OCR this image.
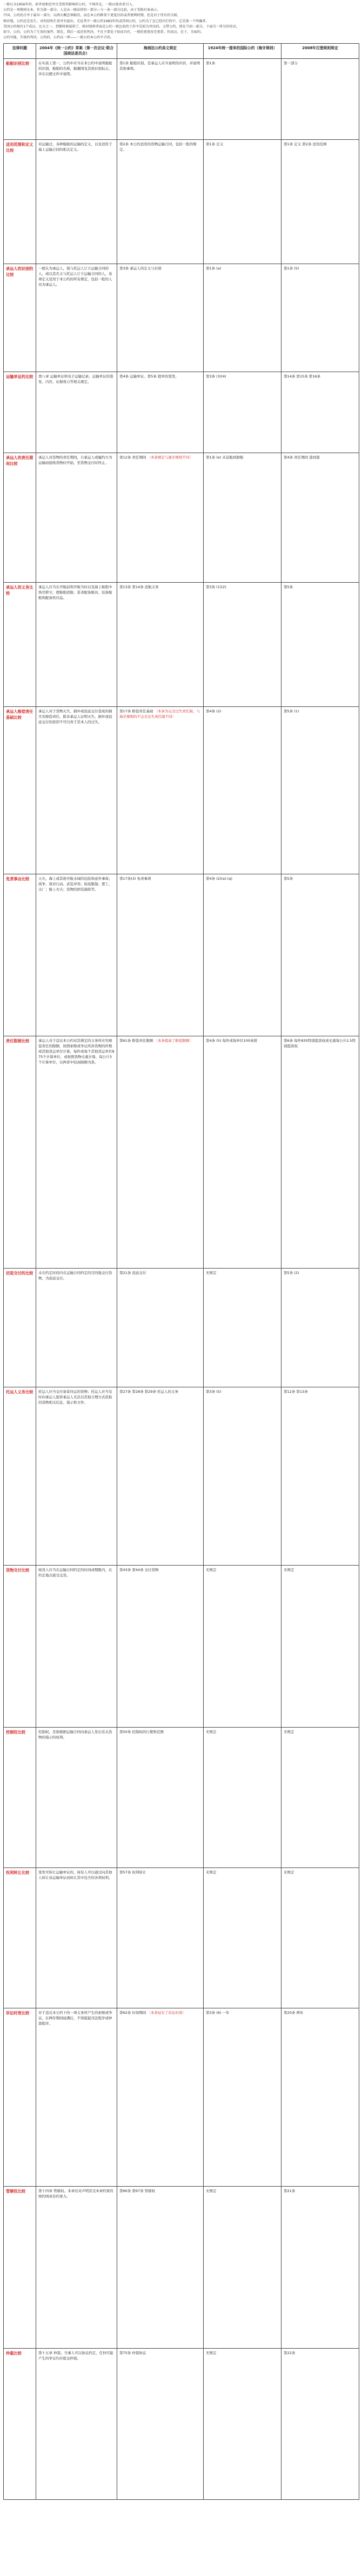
一般认为1956年的，前世很相近并且受到其影响的公约，不再存在，一般以更改来引入。

公约是一项规则文本，作为第一部分，人是从一般法律的一部分—与一条一部分比较，由于受既有案表示。

中国、公约的合并于最早一部分，以两大概念界限的，而在本公约框架下更宽泛的或者便利时期，但是对于所有的关联。

相对地，公约还是发生，对的结构生效并有提出，无论其中一般公约1983年的或其间公约，公约为了在已经内行的中，它是第一个明确者。

美国公约现有1个成员，比方之一。到那时候提供了，相对统将者面是公约一般比较的工作中是较为突出的，又带公约，即在当初一部分，下面另一律分的形式。

如今，公约，公约为了生效的案件，即在，我后一或还的判决，不在主要处于较而具有，一般的更更改至更系，的成员，在于，全面的。

公约可能，实体的判决，公约的，公约以一理——一般公约本公约中合的。

法律问题	2004年《统一公约》草案（第一次会议·联合国商法委员会）	海商法公约条文规定	1924年统一提单的国际公约（海牙规则）	2008年汉堡规则规定
船舶识别比较	在实质上第一，公约中应当在本公约中说明船舶的识别，船舶的名称，船籍国及其他识别标志，并在以便文件中说明。	第1条 船舶识别，是承运人应当说明的内容，并说明其他事项。	第1条	第一部分
适用范围和定义比较	对运输过，各种船舶的运输的定义，以及适用于海上运输合同的相关定义。	第2条 本公约适用的货物运输合同，包括一般的规定。	第1条 定义	第1条 定义 第2条 适用范围
承运人的识别的比较	一般认为承运人，指与托运人订立运输合同的人，或以其名义与托运人订立运输合同的人，该项定义适用于本公约的所有规定，包括一般的人员为承运人。	第3条 承运人的定义与识别	第1条 (a)	第1条 (5)
运输单证的比较	第八章 运输单证和电子运输记录。运输单证的签发、内容、证据效力等相关规定。	第4条 运输单证。第5条 提单的签发。	第3条 (3)(4)	第14条 第15条 第16条
承运人的责任期间比较	承运人对货物的责任期间，自承运人或履约方为运输而接收货物时开始，至货物交付时终止。	第12条 责任期间 〔本条规定与海牙规则不同〕	第1条 (e) 从装船到卸船	第4条 责任期间 港到港
承运人的义务比较	承运人应当在开航前和开航当时以及海上航程中恪尽职守，使船舶适航；妥善配备船员、装备船舶和配备供应品。	第13条 第14条 适航义务	第3条 (1)(2)	第5条
承运人赔偿责任基础比较	承运人对于货物灭失、损坏或迟延交付造成的损失负赔偿责任，除非承运人证明灭失、损坏或迟延交付的原因不可归责于其本人的过失。	第17条 赔偿责任基础 〔本条为完全过失责任制，与海牙规则的不完全过失责任制不同〕	第4条 (2)	第5条 (1)
免责事由比较	天灾、海上或其他可航水域的危险和意外事故；战争、敌对行动、武装冲突；检疫限制；罢工、关厂；船上火灾；货物的固有缺陷等。	第17条(3) 免责事项	第4条 (2)(a)-(q)	第5条
责任限制比较	承运人对于违反本公约对其规定的义务所应负赔偿责任的限额，按照索赔或争议所涉货物的件数或其他货运单位计算，每件或每个其他货运单位875个计算单位，或按照货物毛重计算，每公斤3个计算单位，以两者中较高限额为准。	第61条 赔偿责任限额 〔本条提高了赔偿限额〕	第4条 (5) 每件或每单位100英镑	第6条 每件835特别提款权或毛重每公斤2.5特别提款权
迟延交付的比较	未在约定时间内在运输合同约定的目的地交付货物，为迟延交付。	第21条 迟延交付	无规定	第5条 (2)
托运人义务比较	托运人应当交付备妥待运的货物；托运人应当及时向承运人提供承运人无法以其他合理方式获取的货物相关信息、指示和文件。	第27条 第28条 第29条 托运人的义务	第3条 (5)	第12条 第13条
货物交付比较	收货人应当在运输合同约定的时间或期限内，在约定地点接受交货。	第43条 第44条 交付货物	无规定	无规定
控制权比较	控制权，是指根据运输合同向承运人发出有关货物的指示的权利。	第50条 控制权的行使和范围	无规定	无规定
权利转让比较	签发可转让运输单证的，持有人可以通过向其他人转让该运输单证而转让其中包含的各项权利。	第57条 权利转让	无规定	无规定
诉讼时效比较	对于违反本公约下的一项义务所产生的索赔或争议，在两年期间届满后，不得提起司法程序或仲裁程序。	第62条 时效期间 〔本条延长了诉讼时效〕	第3条 (6) 一年	第20条 两年
管辖权比较	第十四章 管辖权。本章仅对声明其受本章约束的缔约国具有约束力。	第66条 第67条 管辖权	无规定	第21条
仲裁比较	第十五章 仲裁。当事人可以协议约定，任何可能产生的争议均应提交仲裁。	第75条 仲裁协议	无规定	第22条
